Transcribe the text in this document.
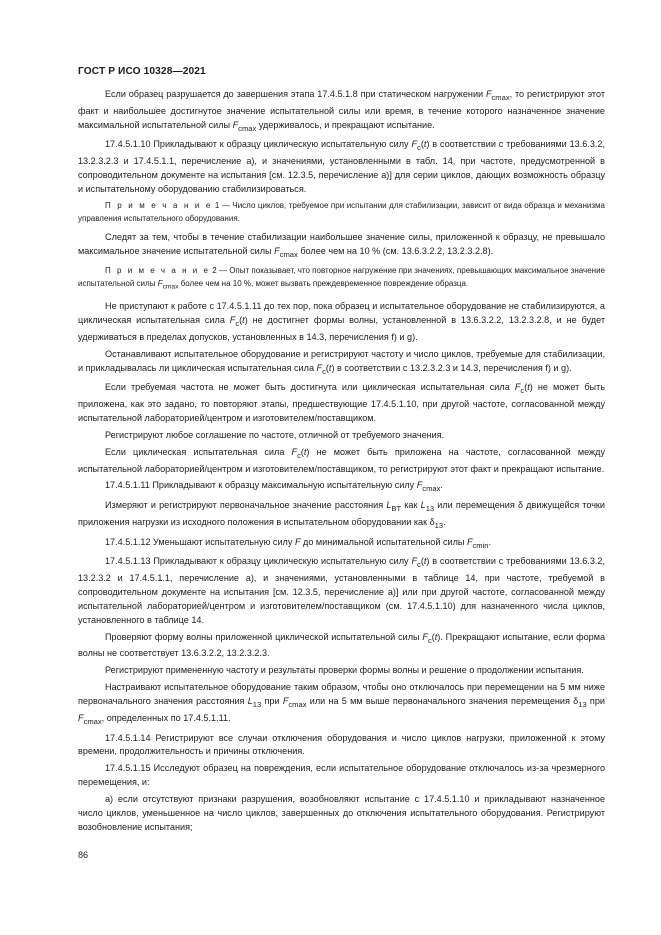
ГОСТ Р ИСО 10328—2021

Если образец разрушается до завершения этапа 17.4.5.1.8 при статическом нагружении $F_{cmax}$, то регистрируют этот факт и наибольшее достигнутое значение испытательной силы или время, в течение которого назначенное значение максимальной испытательной силы $F_{cmax}$ удерживалось, и прекращают испытание.

17.4.5.1.10 Прикладывают к образцу циклическую испытательную силу $F_c(t)$ в соответствии с требованиями 13.6.3.2, 13.2.3.2.3 и 17.4.5.1.1, перечисление а), и значениями, установленными в табл. 14, при частоте, предусмотренной в сопроводительном документе на испытания [см. 12.3.5, перечисление а)] для серии циклов, дающих возможность образцу и испытательному оборудованию стабилизироваться.

П р и м е ч а н и е 1 — Число циклов, требуемое при испытании для стабилизации, зависит от вида образца и механизма управления испытательного оборудования.

Следят за тем, чтобы в течение стабилизации наибольшее значение силы, приложенной к образцу, не превышало максимальное значение испытательной силы $F_{cmax}$ более чем на 10 % (см. 13.6.3.2.2, 13.2.3.2.8).

П р и м е ч а н и е 2 — Опыт показывает, что повторное нагружение при значениях, превышающих максимальное значение испытательной силы $F_{cmax}$ более чем на 10 %, может вызвать преждевременное повреждение образца.

Не приступают к работе с 17.4.5.1.11 до тех пор, пока образец и испытательное оборудование не стабилизируются, а циклическая испытательная сила $F_c(t)$ не достигнет формы волны, установленной в 13.6.3.2.2, 13.2.3.2.8, и не будет удерживаться в пределах допусков, установленных в 14.3, перечисления f) и g).

Останавливают испытательное оборудование и регистрируют частоту и число циклов, требуемые для стабилизации, и прикладывалась ли циклическая испытательная сила $F_c(t)$ в соответствии с 13.2.3.2.3 и 14.3, перечисления f) и g).

Если требуемая частота не может быть достигнута или циклическая испытательная сила $F_c(t)$ не может быть приложена, как это задано, то повторяют этапы, предшествующие 17.4.5.1.10, при другой частоте, согласованной между испытательной лабораторией/центром и изготовителем/поставщиком.

Регистрируют любое соглашение по частоте, отличной от требуемого значения.

Если циклическая испытательная сила $F_c(t)$ не может быть приложена на частоте, согласованной между испытательной лабораторией/центром и изготовителем/поставщиком, то регистрируют этот факт и прекращают испытание.

17.4.5.1.11 Прикладывают к образцу максимальную испытательную силу $F_{cmax}$.

Измеряют и регистрируют первоначальное значение расстояния $L_{BT}$ как $L_{13}$ или перемещения δ движущейся точки приложения нагрузки из исходного положения в испытательном оборудовании как $\delta_{13}$.

17.4.5.1.12 Уменьшают испытательную силу F до минимальной испытательной силы $F_{cmin}$.

17.4.5.1.13 Прикладывают к образцу циклическую испытательную силу $F_c(t)$ в соответствии с требованиями 13.6.3.2, 13.2.3.2 и 17.4.5.1.1, перечисление а), и значениями, установленными в таблице 14, при частоте, требуемой в сопроводительном документе на испытания [см. 12.3.5, перечисление а)] или при другой частоте, согласованной между испытательной лабораторией/центром и изготовителем/поставщиком (см. 17.4.5.1.10) для назначенного числа циклов, установленного в таблице 14.

Проверяют форму волны приложенной циклической испытательной силы $F_c(t)$. Прекращают испытание, если форма волны не соответствует 13.6.3.2.2, 13.2.3.2.3.

Регистрируют примененную частоту и результаты проверки формы волны и решение о продолжении испытания.

Настраивают испытательное оборудование таким образом, чтобы оно отключалось при перемещении на 5 мм ниже первоначального значения расстояния $L_{13}$ при $F_{cmax}$ или на 5 мм выше первоначального значения перемещения $\delta_{13}$ при $F_{cmax}$, определенных по 17.4.5.1.11.

17.4.5.1.14 Регистрируют все случаи отключения оборудования и число циклов нагрузки, приложенной к этому времени, продолжительность и причины отключения.

17.4.5.1.15 Исследуют образец на повреждения, если испытательное оборудование отключалось из-за чрезмерного перемещения, и:

а) если отсутствуют признаки разрушения, возобновляют испытание с 17.4.5.1.10 и прикладывают назначенное число циклов, уменьшенное на число циклов, завершенных до отключения испытательного оборудования. Регистрируют возобновление испытания;

86
